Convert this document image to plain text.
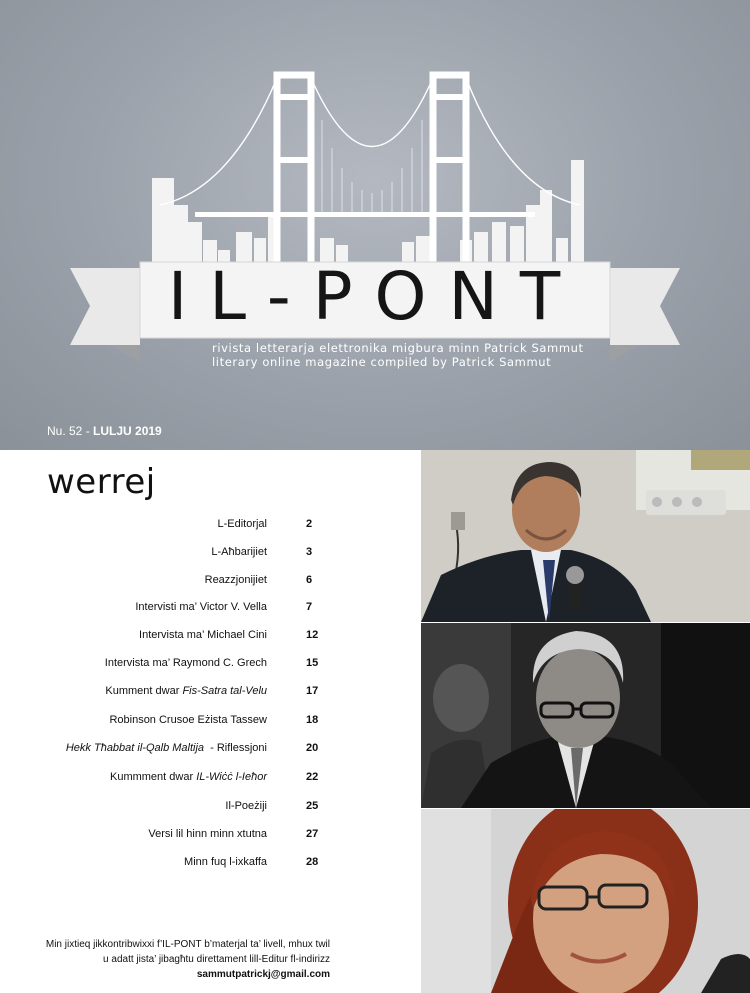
IL-PONT
rivista letterarja elettronika migbura minn Patrick Sammut
literary online magazine compiled by Patrick Sammut
Nu. 52 - LULJU 2019
werrej
L-Editorjal	2
L-Aħbarijiet	3
Reazzjonijiet	6
Intervisti ma’ Victor V. Vella	7
Intervista ma’ Michael Cini	12
Intervista ma’ Raymond C. Grech	15
Kumment dwar Fis-Satra tal-Velu	17
Robinson Crusoe Eżista Tassew	18
Hekk Tħabbat il-Qalb Maltija  - Riflessjoni	20
Kummment dwar IL-Wiċċ l-Ieħor	22
Il-Poeżiji	25
Versi lil hinn minn xtutna	27
Minn fuq l-ixkaffa	28
Min jixtieq jikkontribwixxi f’IL-PONT b’materjal ta’ livell, mhux twil u adatt jista’ jibagħtu direttament lill-Editur fl-indirizz sammutpatrickj@gmail.com
